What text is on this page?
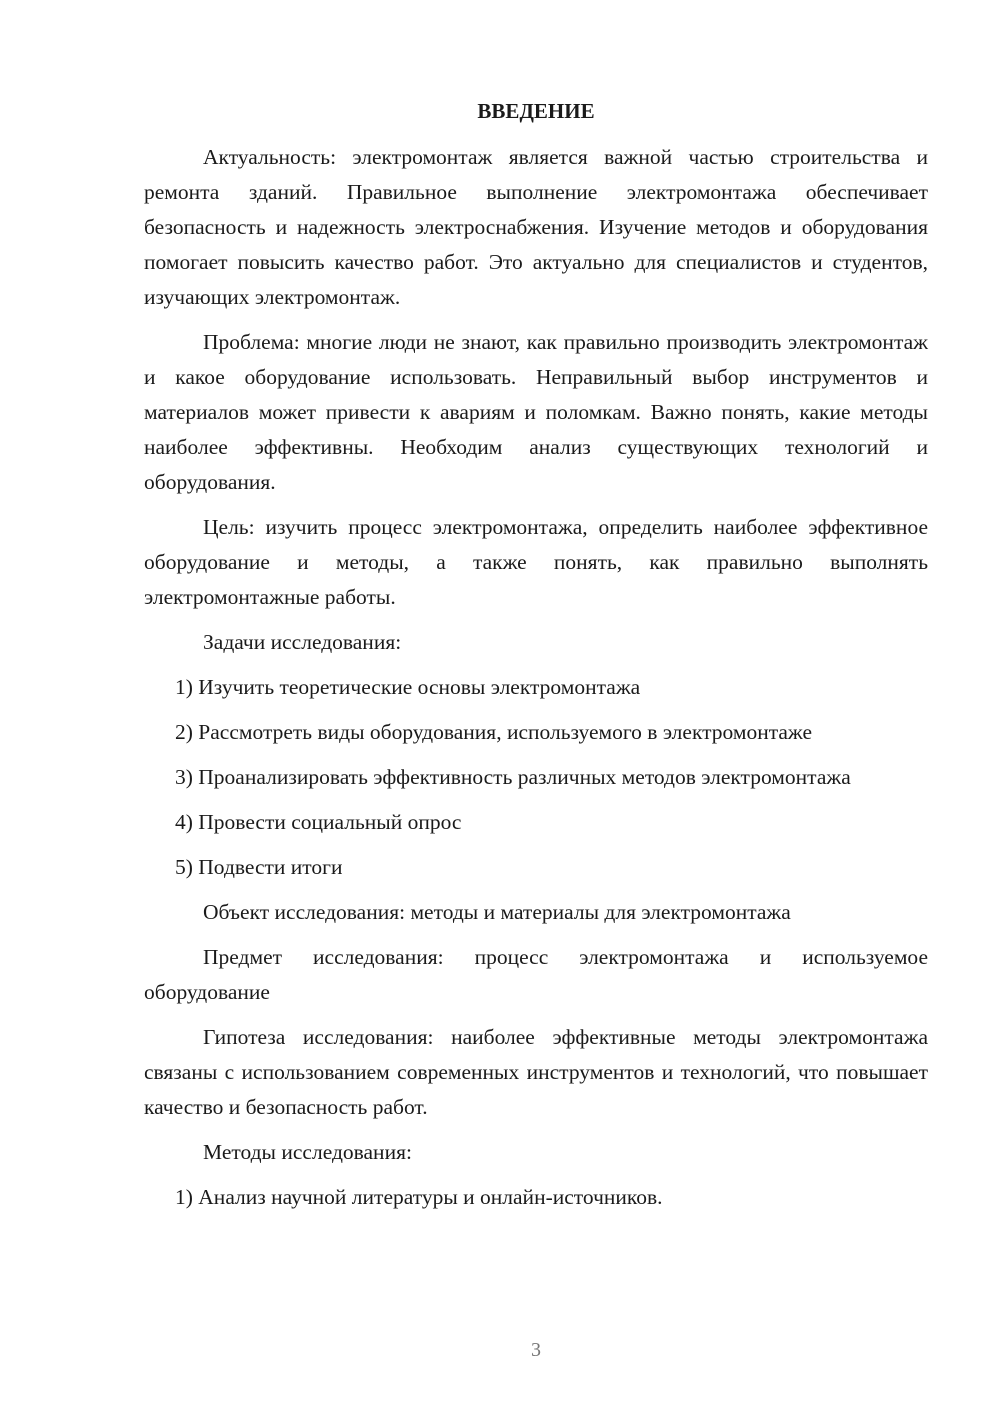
ВВЕДЕНИЕ

Актуальность: электромонтаж является важной частью строительства и ремонта зданий. Правильное выполнение электромонтажа обеспечивает безопасность и надежность электроснабжения. Изучение методов и оборудования помогает повысить качество работ. Это актуально для специалистов и студентов, изучающих электромонтаж.

Проблема: многие люди не знают, как правильно производить электромонтаж и какое оборудование использовать. Неправильный выбор инструментов и материалов может привести к авариям и поломкам. Важно понять, какие методы наиболее эффективны. Необходим анализ существующих технологий и оборудования.

Цель: изучить процесс электромонтажа, определить наиболее эффективное оборудование и методы, а также понять, как правильно выполнять электромонтажные работы.

Задачи исследования:

1) Изучить теоретические основы электромонтажа

2) Рассмотреть виды оборудования, используемого в электромонтаже

3) Проанализировать эффективность различных методов электромонтажа

4) Провести социальный опрос

5) Подвести итоги

Объект исследования: методы и материалы для электромонтажа

Предмет исследования: процесс электромонтажа и используемое оборудование

Гипотеза исследования: наиболее эффективные методы электромонтажа связаны с использованием современных инструментов и технологий, что повышает качество и безопасность работ.

Методы исследования:

1) Анализ научной литературы и онлайн-источников.

3
